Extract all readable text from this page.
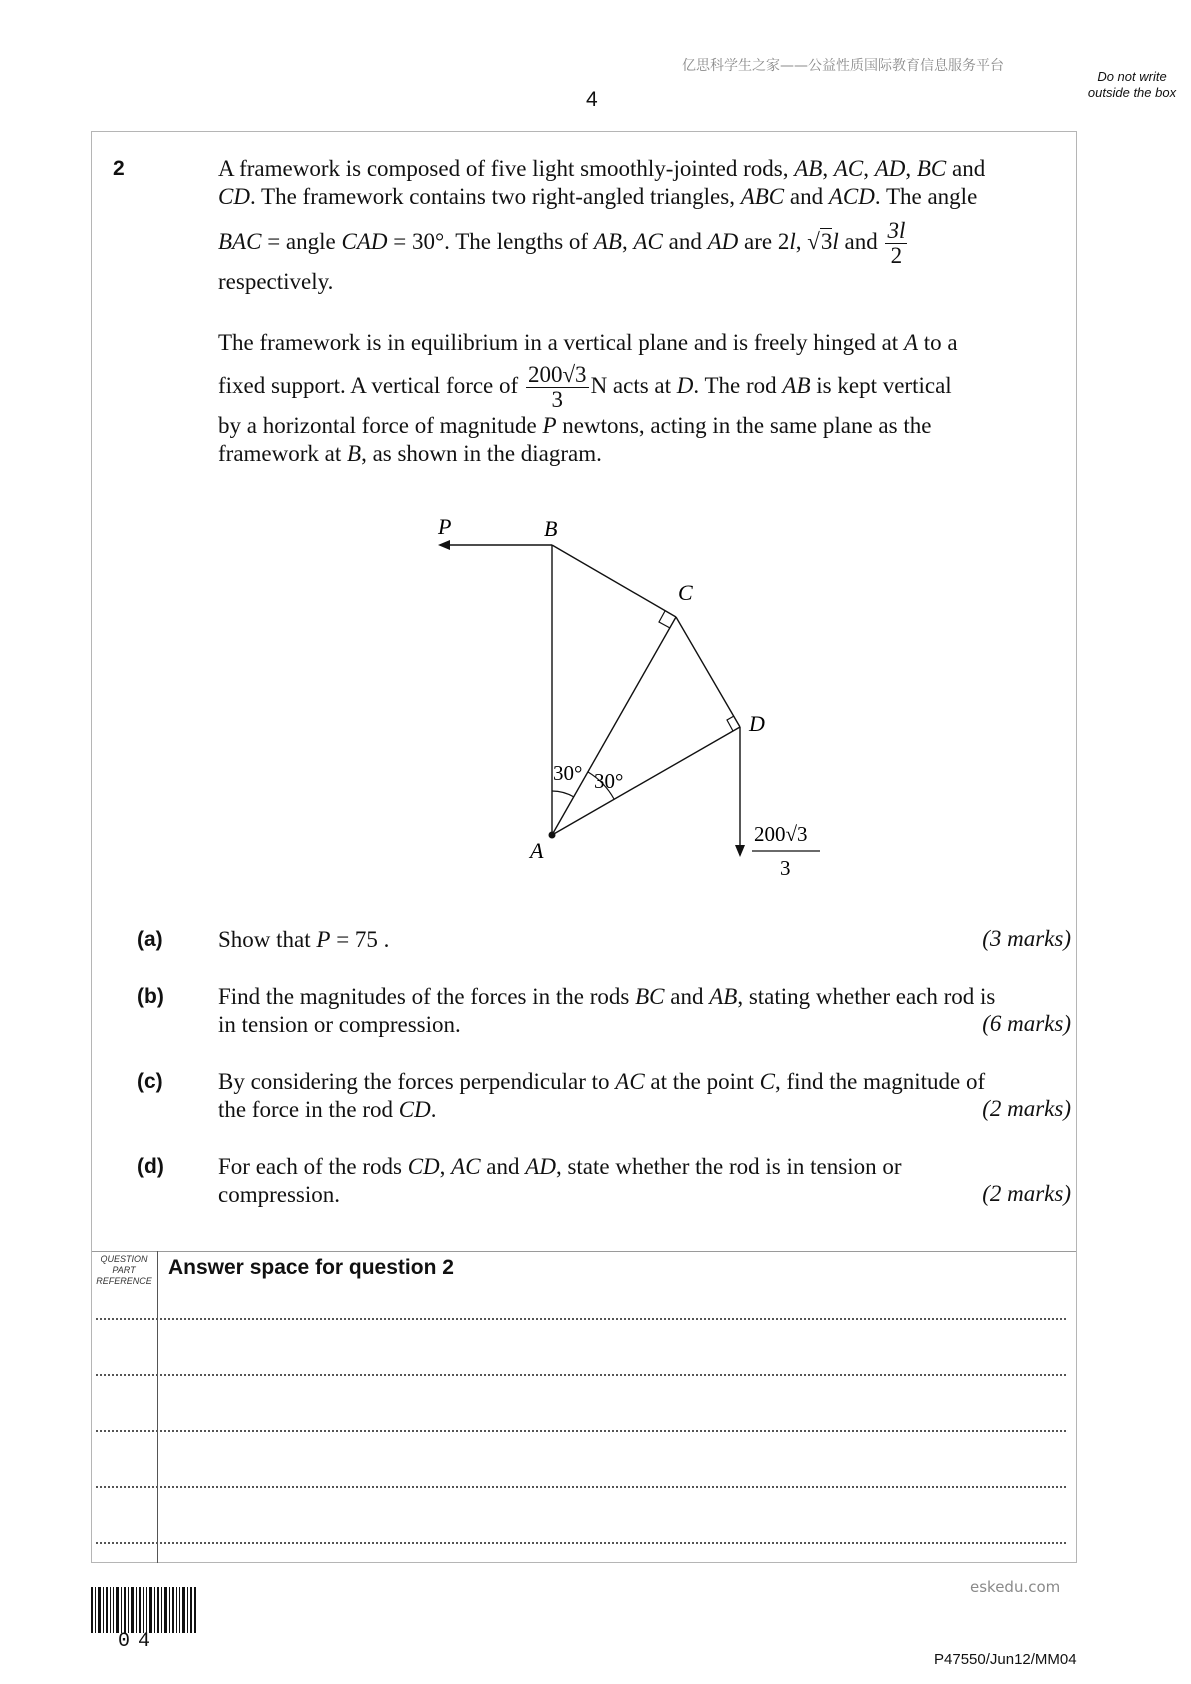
亿思科学生之家——公益性质国际教育信息服务平台
4
Do not write outside the box
2	A framework is composed of five light smoothly-jointed rods, AB, AC, AD, BC and
CD. The framework contains two right-angled triangles, ABC and ACD. The angle
BAC = angle CAD = 30°. The lengths of AB, AC and AD are 2l, √3l and $\frac{3l}{2}$
respectively.
The framework is in equilibrium in a vertical plane and is freely hinged at A to a
fixed support. A vertical force of $\frac{200√3}{3}$ N acts at D. The rod AB is kept vertical
by a horizontal force of magnitude P newtons, acting in the same plane as the
framework at B, as shown in the diagram.
P	B
C
D
A
30° 30°
200√3
3
(a) Show that P = 75 .	(3 marks)
(b) Find the magnitudes of the forces in the rods BC and AB, stating whether each rod is
in tension or compression.	(6 marks)
(c) By considering the forces perpendicular to AC at the point C, find the magnitude of
the force in the rod CD.	(2 marks)
(d) For each of the rods CD, AC and AD, state whether the rod is in tension or
compression.	(2 marks)
QUESTION PART REFERENCE
Answer space for question 2
eskedu.com
04
P47550/Jun12/MM04
